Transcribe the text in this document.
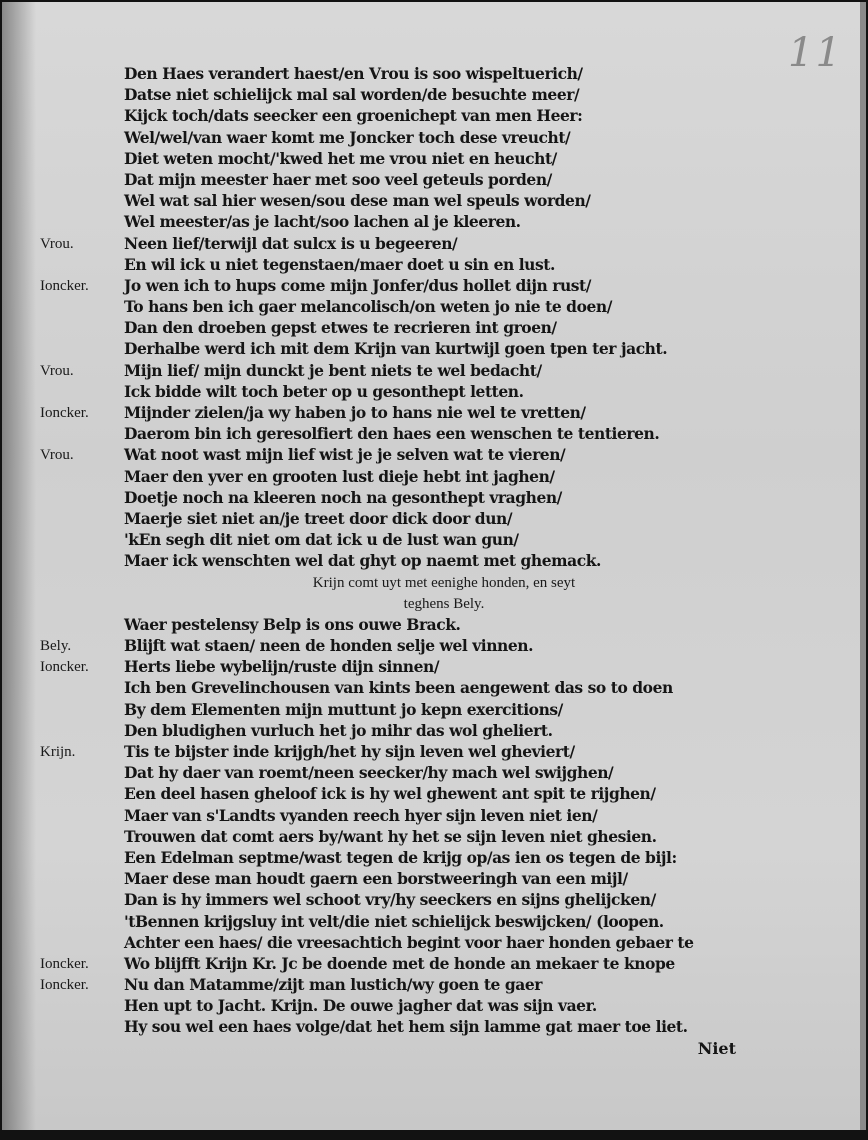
11
Den Haes verandert haest/en Vrou is soo wispeltuerich/
Datse niet schielijck mal sal worden/de besuchte meer/
Kijck toch/dats seecker een groenichept van men Heer:
Wel/wel/van waer komt me Joncker toch dese vreucht/
Diet weten mocht/'kwed het me vrou niet en heucht/
Dat mijn meester haer met soo veel geteuls porden/
Wel wat sal hier wesen/sou dese man wel speuls worden/
Wel meester/as je lacht/soo lachen al je kleeren.
Vrou.	Neen lief/terwijl dat sulcx is u begeeren/
En wil ick u niet tegenstaen/maer doet u sin en lust.
Ioncker. Jo wen ich to hups come mijn Jonfer/dus hollet dijn rust/
To hans ben ich gaer melancolisch/on weten jo nie te doen/
Dan den droeben gepst etwes te recrieren int groen/
Derhalbe werd ich mit dem Krijn van kurtwijl goen tpen ter jacht.
Vrou.	Mijn lief/ mijn dunckt je bent niets te wel bedacht/
Ick bidde wilt toch beter op u gesonthept letten.
Ioncker. Mijnder zielen/ja wy haben jo to hans nie wel te vretten/
Daerom bin ich geresolfiert den haes een wenschen te tentieren.
Vrou.	Wat noot wast mijn lief wist je je selven wat te vieren/
Maer den yver en grooten lust dieje hebt int jaghen/
Doetje noch na kleeren noch na gesonthept vraghen/
Maerje siet niet an/je treet door dick door dun/
'kEn segh dit niet om dat ick u de lust wan gun/
Maer ick wenschten wel dat ghyt op naemt met ghemack.
Krijn comt uyt met eenighe honden, en seyt
teghens Bely.
Waer pestelensy Belp is ons ouwe Brack.
Bely.	Blijft wat staen/ neen de honden selje wel vinnen.
Ioncker. Herts liebe wybelijn/ruste dijn sinnen/
Ich ben Grevelinchousen van kints been aengewent das so to doen
By dem Elementen mijn muttunt jo kepn exercitions/
Den bludighen vurluch het jo mihr das wol gheliert.
Krijn.	Tis te bijster inde krijgh/het hy sijn leven wel gheviert/
Dat hy daer van roemt/neen seecker/hy mach wel swijghen/
Een deel hasen gheloof ick is hy wel ghewent ant spit te rijghen/
Maer van s'Landts vyanden reech hyer sijn leven niet ien/
Trouwen dat comt aers by/want hy het se sijn leven niet ghesien.
Een Edelman septme/wast tegen de krijg op/as ien os tegen de bijl:
Maer dese man houdt gaern een borstweeringh van een mijl/
Dan is hy immers wel schoot vry/hy seeckers en sijns ghelijcken/
'tBennen krijgsluy int velt/die niet schielijck beswijcken/ (loopen.
Achter een haes/ die vreesachtich begint voor haer honden gebaer te
Ioncker. Wo blijfft Krijn Kr. Jc be doende met de honde an mekaer te knope
Ioncker. Nu dan Matamme/zijt man lustich/wy goen te gaer
Hen upt to Jacht. Krijn. De ouwe jagher dat was sijn vaer.
Hy sou wel een haes volge/dat het hem sijn lamme gat maer toe liet.
Niet
